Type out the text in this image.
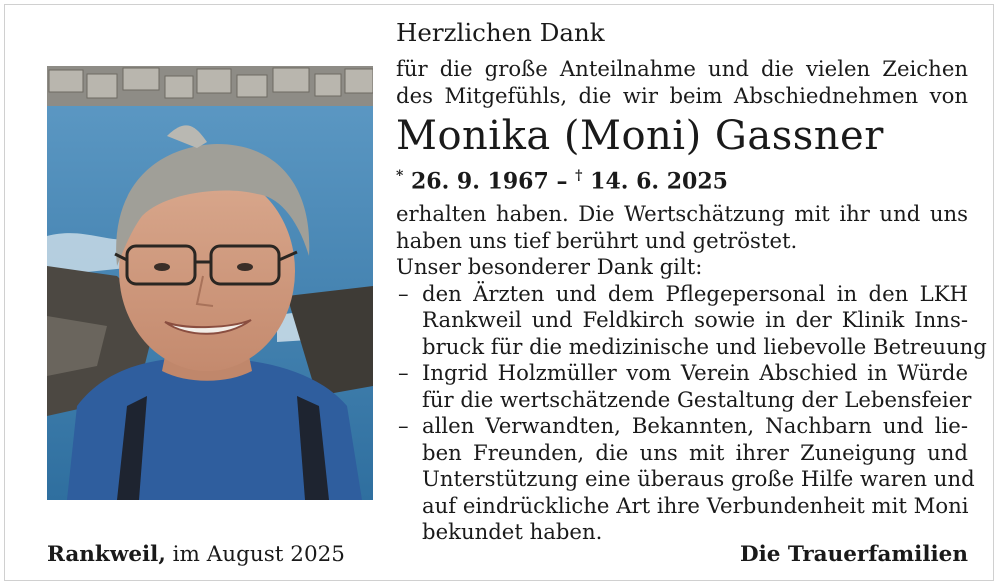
Herzlichen Dank

für die große Anteilnahme und die vielen Zeichen

des Mitgefühls, die wir beim Abschiednehmen von

Monika (Moni) Gassner

* 26. 9. 1967 – † 14. 6. 2025

erhalten haben. Die Wertschätzung mit ihr und uns

haben uns tief berührt und getröstet.

Unser besonderer Dank gilt:

– den Ärzten und dem Pflegepersonal in den LKH

Rankweil und Feldkirch sowie in der Klinik Inns-

bruck für die medizinische und liebevolle Betreuung

– Ingrid Holzmüller vom Verein Abschied in Würde

für die wertschätzende Gestaltung der Lebensfeier

– allen Verwandten, Bekannten, Nachbarn und lie-

ben Freunden, die uns mit ihrer Zuneigung und

Unterstützung eine überaus große Hilfe waren und

auf eindrückliche Art ihre Verbundenheit mit Moni

bekundet haben.

Rankweil, im August 2025	Die Trauerfamilien
